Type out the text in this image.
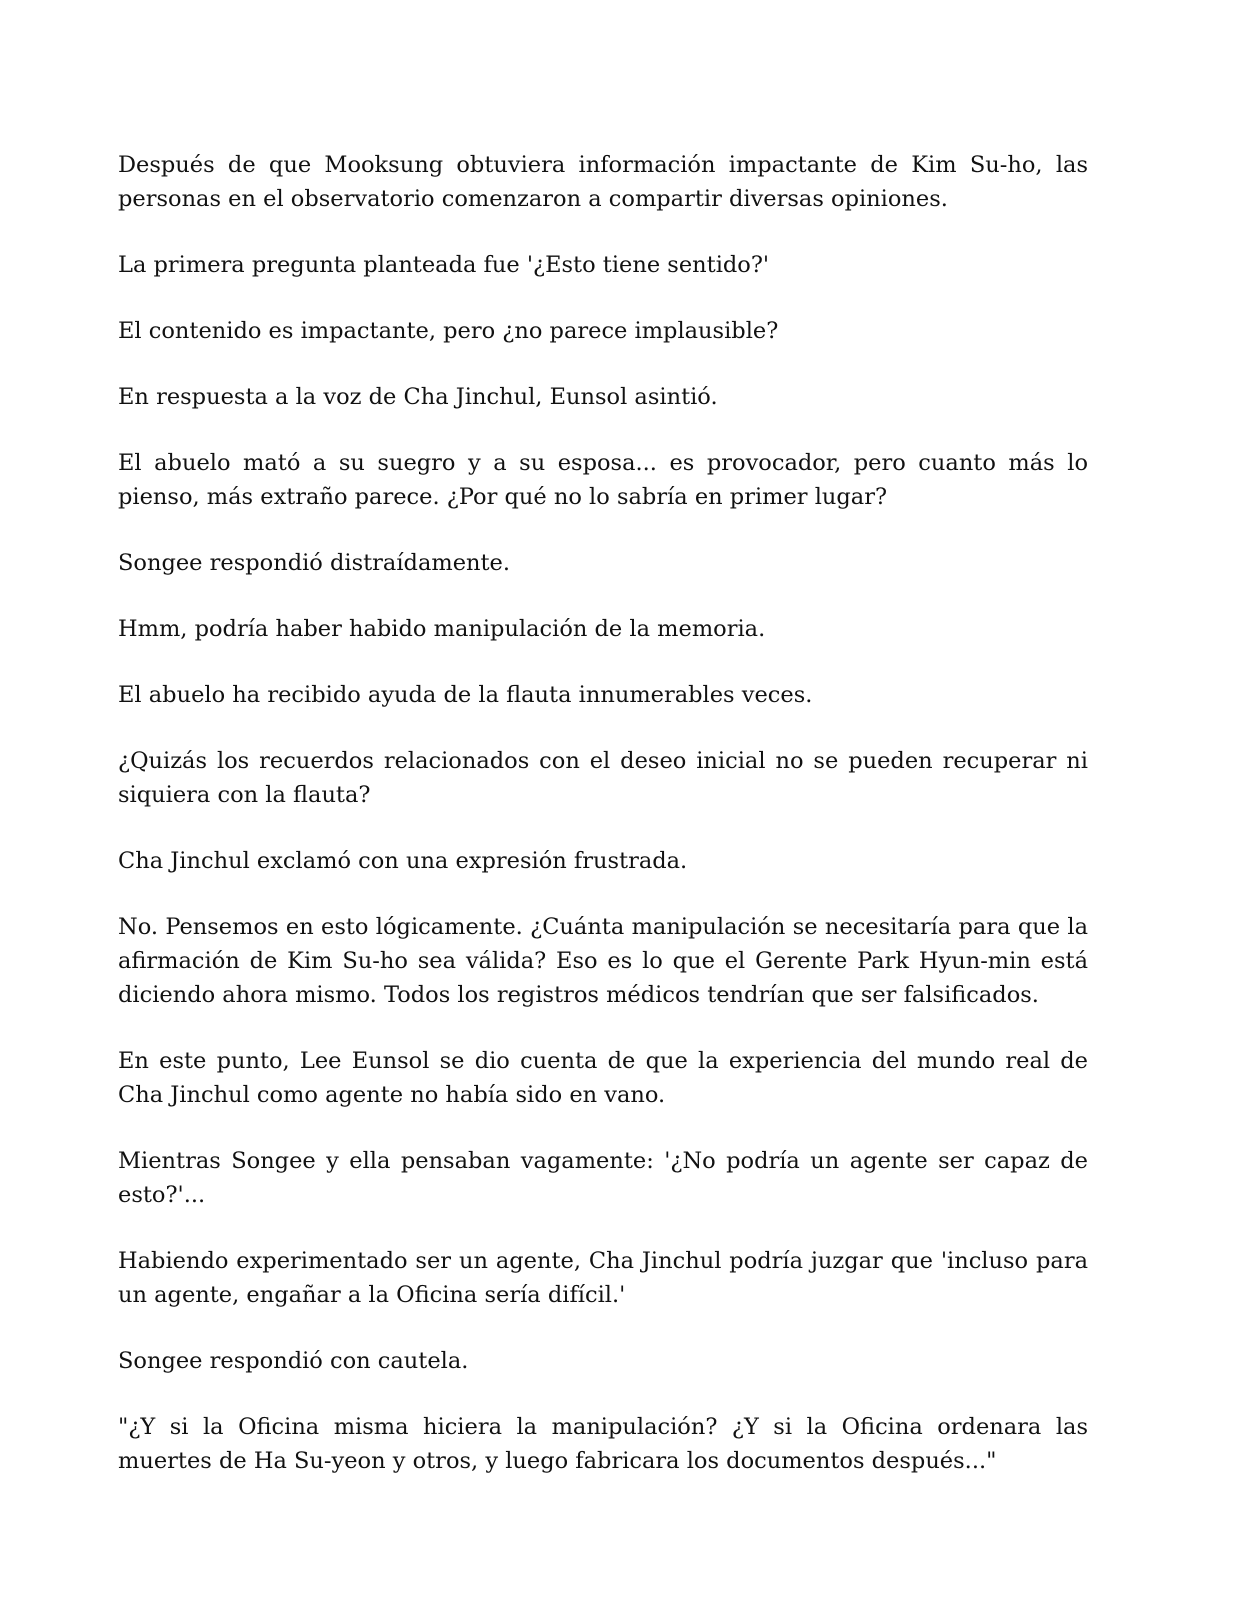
Después de que Mooksung obtuviera información impactante de Kim Su-ho, las personas en el observatorio comenzaron a compartir diversas opiniones.

La primera pregunta planteada fue '¿Esto tiene sentido?'

El contenido es impactante, pero ¿no parece implausible?

En respuesta a la voz de Cha Jinchul, Eunsol asintió.

El abuelo mató a su suegro y a su esposa... es provocador, pero cuanto más lo pienso, más extraño parece. ¿Por qué no lo sabría en primer lugar?

Songee respondió distraídamente.

Hmm, podría haber habido manipulación de la memoria.

El abuelo ha recibido ayuda de la flauta innumerables veces.

¿Quizás los recuerdos relacionados con el deseo inicial no se pueden recuperar ni siquiera con la flauta?

Cha Jinchul exclamó con una expresión frustrada.

No. Pensemos en esto lógicamente. ¿Cuánta manipulación se necesitaría para que la afirmación de Kim Su-ho sea válida? Eso es lo que el Gerente Park Hyun-min está diciendo ahora mismo. Todos los registros médicos tendrían que ser falsificados.

En este punto, Lee Eunsol se dio cuenta de que la experiencia del mundo real de Cha Jinchul como agente no había sido en vano.

Mientras Songee y ella pensaban vagamente: '¿No podría un agente ser capaz de esto?'...

Habiendo experimentado ser un agente, Cha Jinchul podría juzgar que 'incluso para un agente, engañar a la Oficina sería difícil.'

Songee respondió con cautela.

"¿Y si la Oficina misma hiciera la manipulación? ¿Y si la Oficina ordenara las muertes de Ha Su-yeon y otros, y luego fabricara los documentos después..."
